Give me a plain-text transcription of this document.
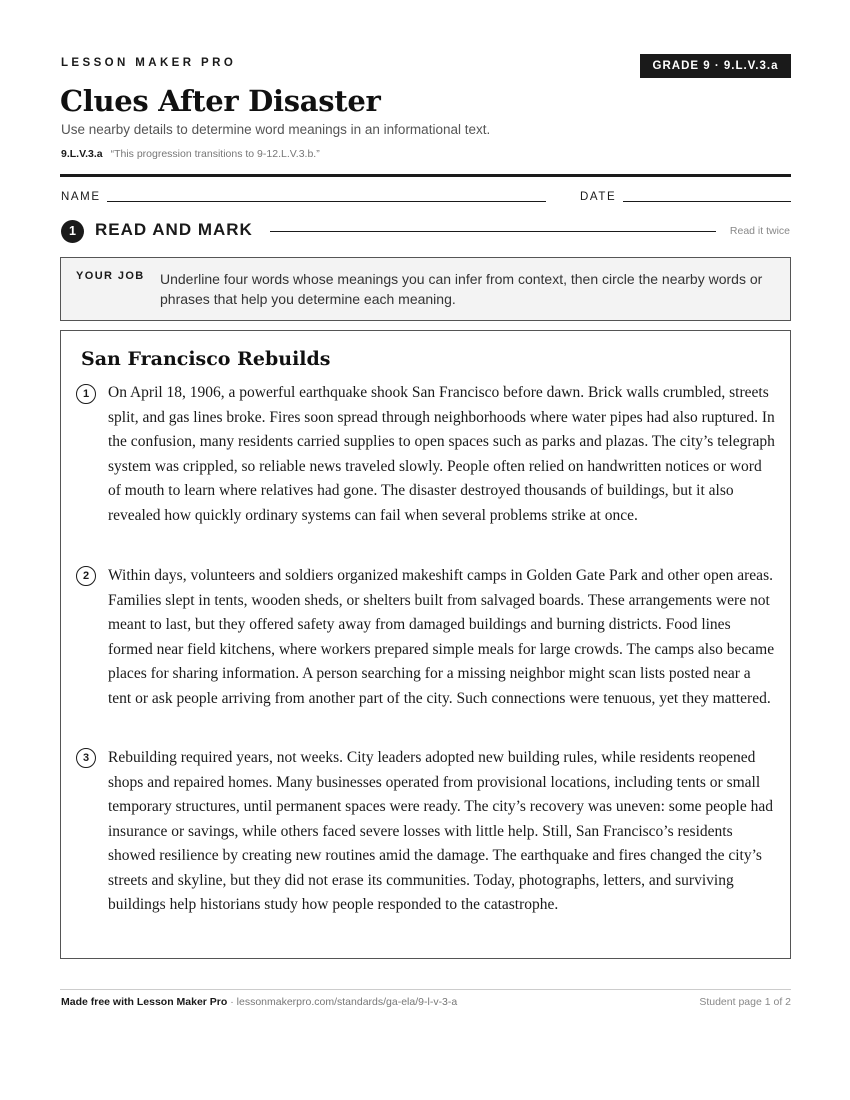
LESSON MAKER PRO	GRADE 9 · 9.L.V.3.a
Clues After Disaster
Use nearby details to determine word meanings in an informational text.
9.L.V.3.a “This progression transitions to 9-12.L.V.3.b.”
NAME	DATE
1	READ AND MARK	Read it twice
YOUR JOB Underline four words whose meanings you can infer from context, then circle the nearby words or phrases that help you determine each meaning.
San Francisco Rebuilds
1	On April 18, 1906, a powerful earthquake shook San Francisco before dawn. Brick walls crumbled, streets split, and gas lines broke. Fires soon spread through neighborhoods where water pipes had also ruptured. In the confusion, many residents carried supplies to open spaces such as parks and plazas. The city’s telegraph system was crippled, so reliable news traveled slowly. People often relied on handwritten notices or word of mouth to learn where relatives had gone. The disaster destroyed thousands of buildings, but it also revealed how quickly ordinary systems can fail when several problems strike at once.

2	Within days, volunteers and soldiers organized makeshift camps in Golden Gate Park and other open areas. Families slept in tents, wooden sheds, or shelters built from salvaged boards. These arrangements were not meant to last, but they offered safety away from damaged buildings and burning districts. Food lines formed near field kitchens, where workers prepared simple meals for large crowds. The camps also became places for sharing information. A person searching for a missing neighbor might scan lists posted near a tent or ask people arriving from another part of the city. Such connections were tenuous, yet they mattered.

3	Rebuilding required years, not weeks. City leaders adopted new building rules, while residents reopened shops and repaired homes. Many businesses operated from provisional locations, including tents or small temporary structures, until permanent spaces were ready. The city’s recovery was uneven: some people had insurance or savings, while others faced severe losses with little help. Still, San Francisco’s residents showed resilience by creating new routines amid the damage. The earthquake and fires changed the city’s streets and skyline, but they did not erase its communities. Today, photographs, letters, and surviving buildings help historians study how people responded to the catastrophe.

Made free with Lesson Maker Pro · lessonmakerpro.com/standards/ga-ela/9-l-v-3-a	Student page 1 of 2
